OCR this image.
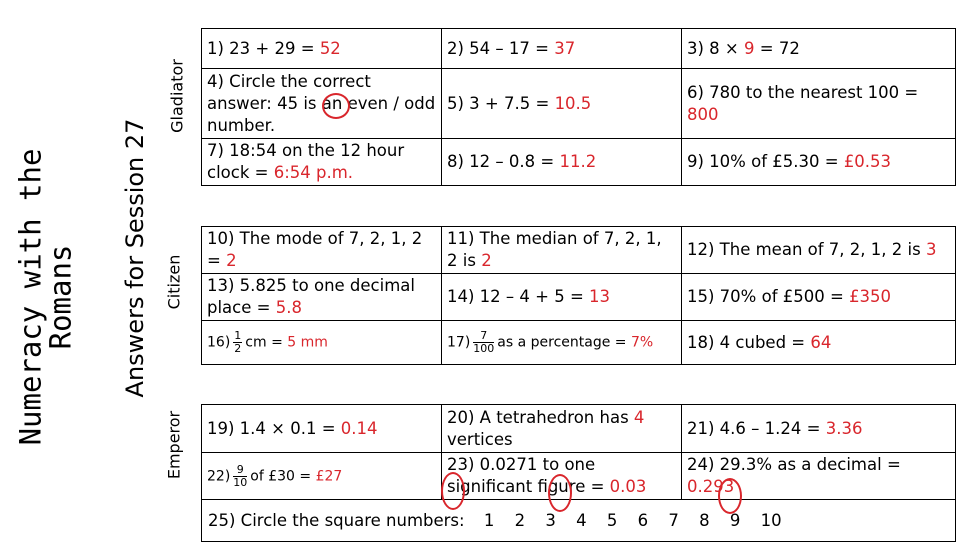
Numeracy with the
Romans Answers for Session 27
Gladiator
Citizen
Emperor
1) 23 + 29 = 52	2) 54 – 17 = 37	3) 8 × 9 = 72
4) Circle the correct answer: 45 is an even / odd number.	5) 3 + 7.5 = 10.5	6) 780 to the nearest 100 = 800
7) 18:54 on the 12 hour clock = 6:54 p.m.	8) 12 – 0.8 = 11.2	9) 10% of £5.30 = £0.53
10) The mode of 7, 2, 1, 2 = 2	11) The median of 7, 2, 1, 2 is 2	12) The mean of 7, 2, 1, 2 is 3
13) 5.825 to one decimal place = 5.8	14) 12 – 4 + 5 = 13	15) 70% of £500 = £350
$16) \frac{1}{2}$ cm = 5 mm	$17) \frac{7}{100}$ as a percentage = 7%	18) 4 cubed = 64
19) 1.4 × 0.1 = 0.14	20) A tetrahedron has 4 vertices	21) 4.6 – 1.24 = 3.36
$22) \frac{9}{10}$ of £30 = £27	23) 0.0271 to one significant figure = 0.03	24) 29.3% as a decimal = 0.293
25) Circle the square numbers: 1 2 3 4 5 6 7 8 9 10		
